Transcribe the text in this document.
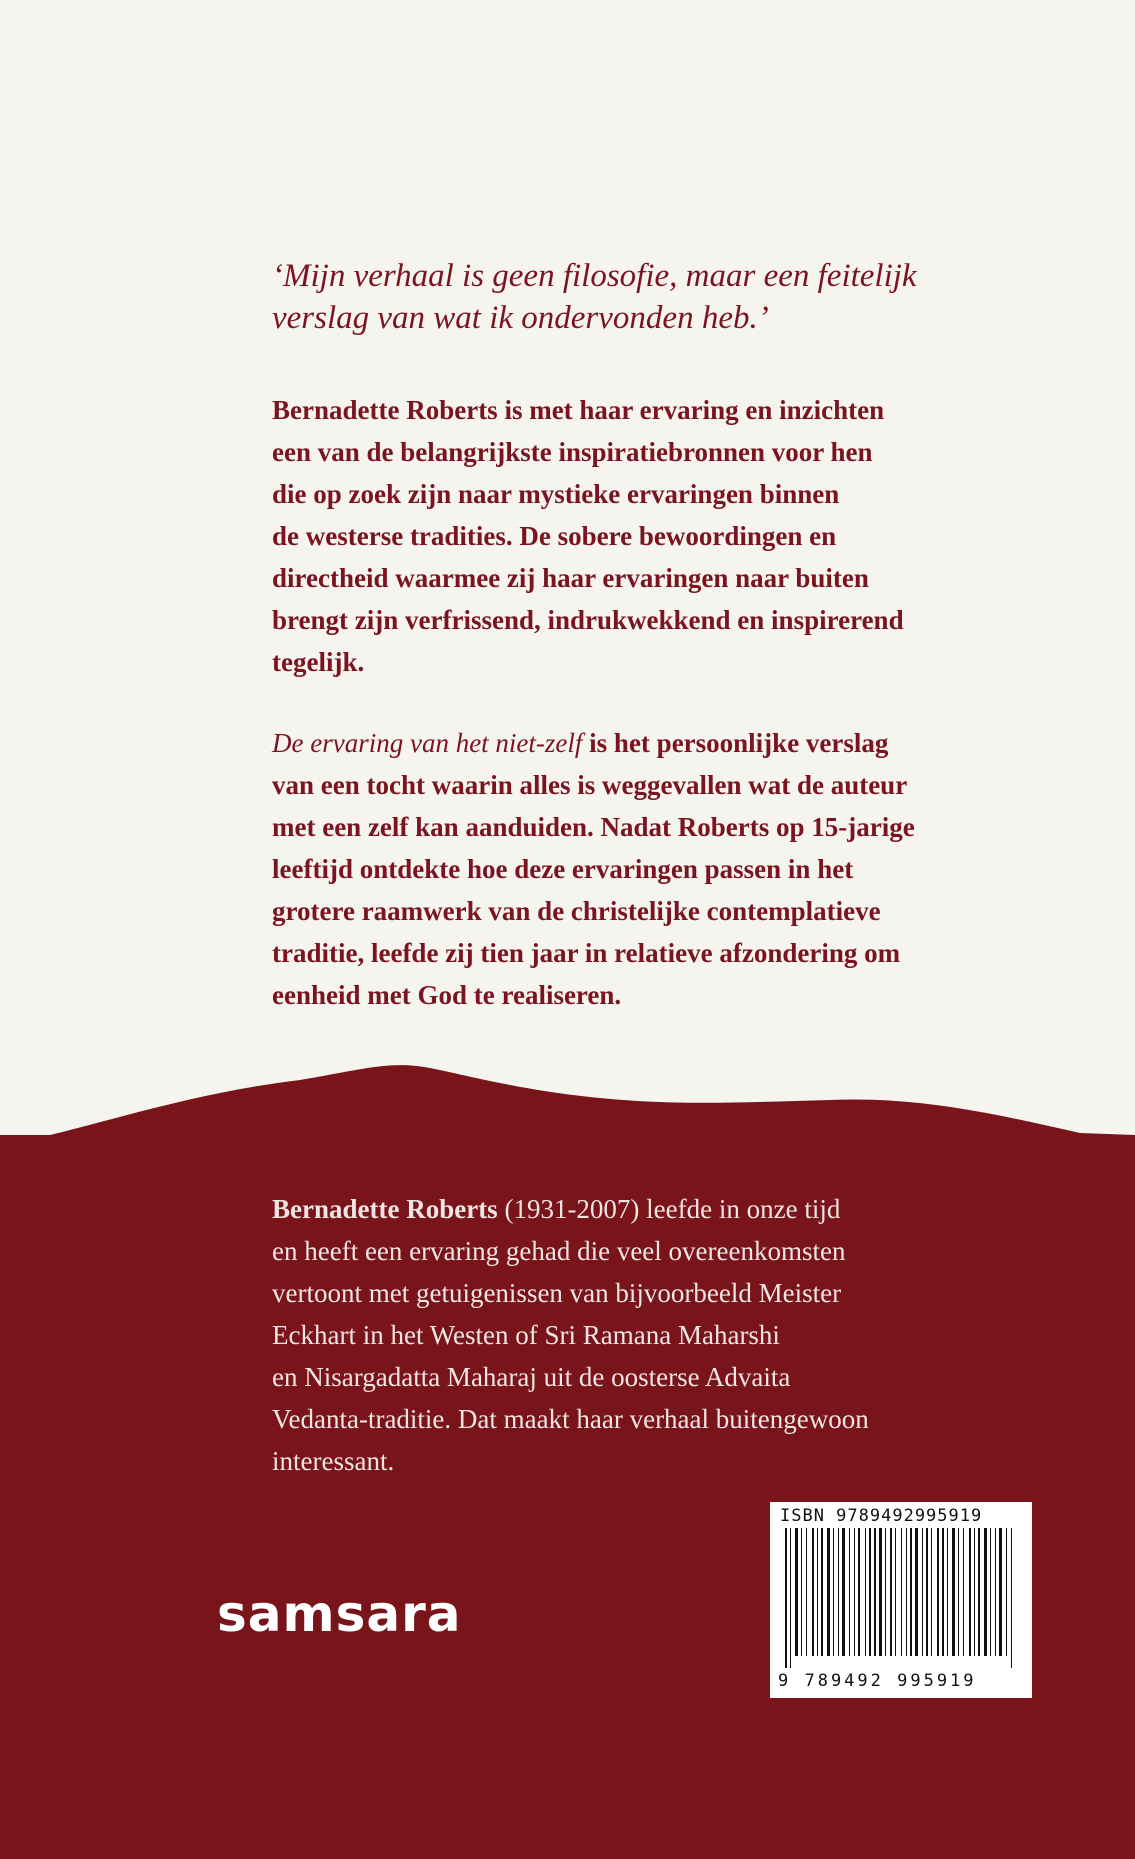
‘Mijn verhaal is geen filosofie, maar een feitelijk
verslag van wat ik ondervonden heb.’
Bernadette Roberts is met haar ervaring en inzichten
een van de belangrijkste inspiratiebronnen voor hen
die op zoek zijn naar mystieke ervaringen binnen
de westerse tradities. De sobere bewoordingen en
directheid waarmee zij haar ervaringen naar buiten
brengt zijn verfrissend, indrukwekkend en inspirerend
tegelijk.
De ervaring van het niet-zelf is het persoonlijke verslag
van een tocht waarin alles is weggevallen wat de auteur
met een zelf kan aanduiden. Nadat Roberts op 15-jarige
leeftijd ontdekte hoe deze ervaringen passen in het
grotere raamwerk van de christelijke contemplatieve
traditie, leefde zij tien jaar in relatieve afzondering om
eenheid met God te realiseren.
Bernadette Roberts (1931-2007) leefde in onze tijd
en heeft een ervaring gehad die veel overeenkomsten
vertoont met getuigenissen van bijvoorbeeld Meister
Eckhart in het Westen of Sri Ramana Maharshi
en Nisargadatta Maharaj uit de oosterse Advaita
Vedanta-traditie. Dat maakt haar verhaal buitengewoon
interessant.
samsara
ISBN 9789492995919
9 789492 995919
